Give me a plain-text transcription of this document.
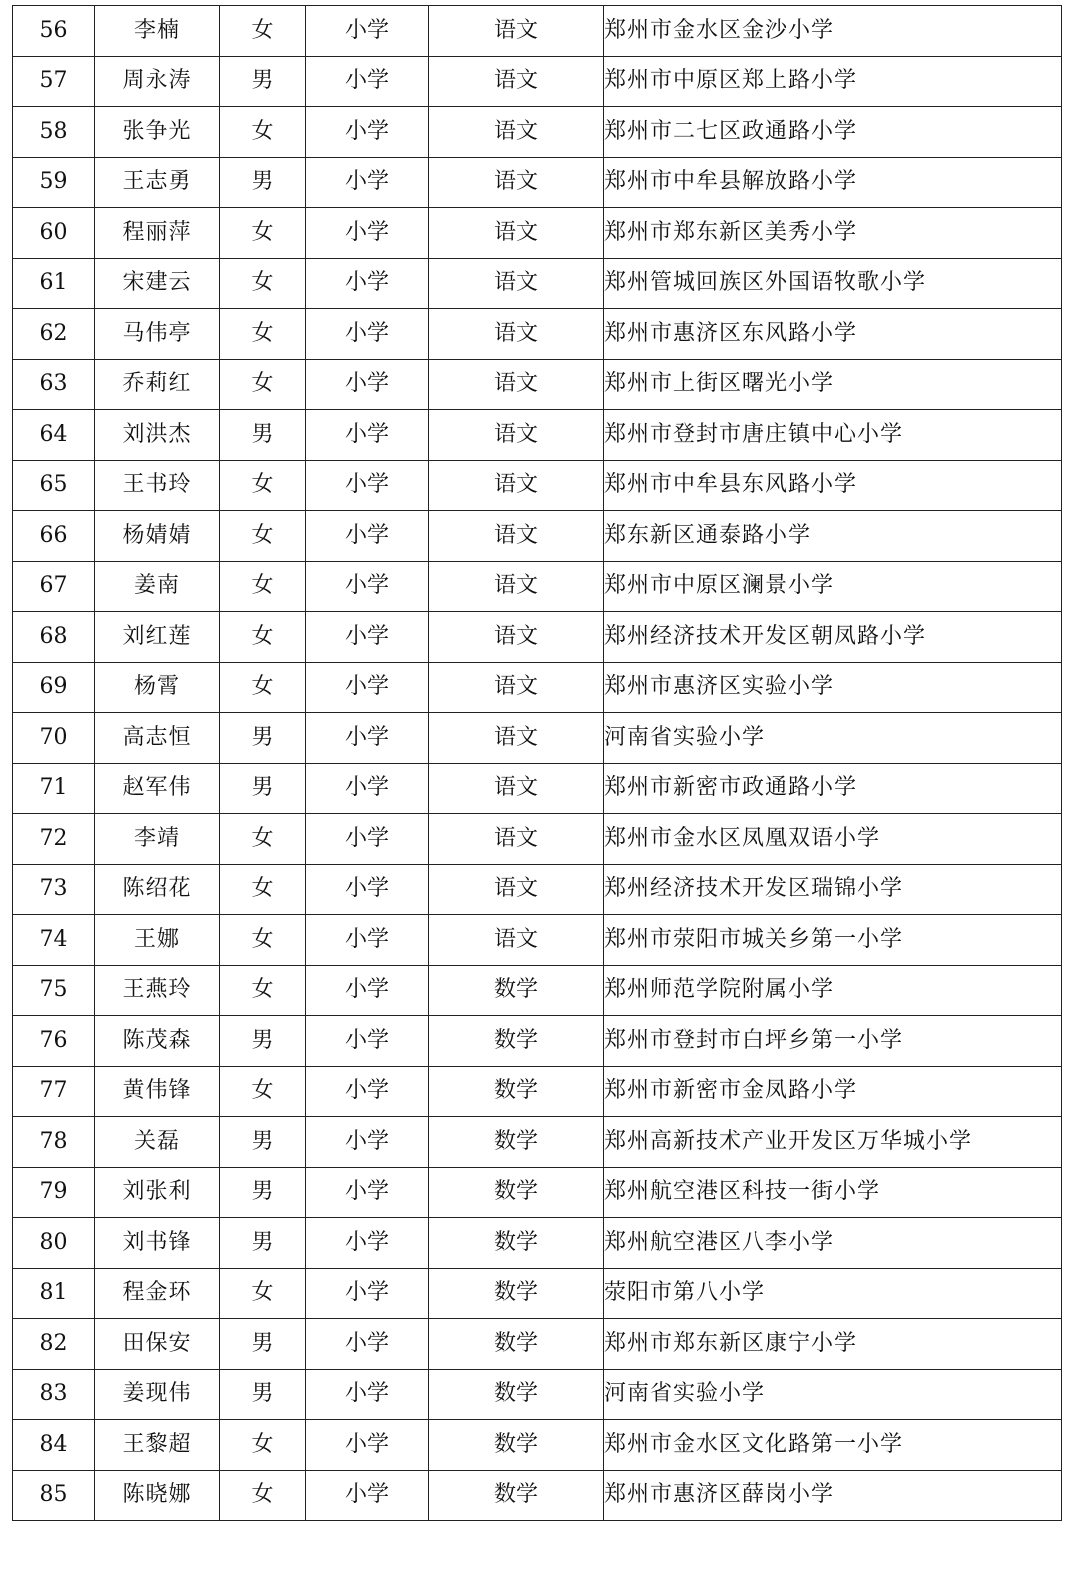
56	李楠	女	小学	语文	郑州市金水区金沙小学
57	周永涛	男	小学	语文	郑州市中原区郑上路小学
58	张争光	女	小学	语文	郑州市二七区政通路小学
59	王志勇	男	小学	语文	郑州市中牟县解放路小学
60	程丽萍	女	小学	语文	郑州市郑东新区美秀小学
61	宋建云	女	小学	语文	郑州管城回族区外国语牧歌小学
62	马伟亭	女	小学	语文	郑州市惠济区东风路小学
63	乔莉红	女	小学	语文	郑州市上街区曙光小学
64	刘洪杰	男	小学	语文	郑州市登封市唐庄镇中心小学
65	王书玲	女	小学	语文	郑州市中牟县东风路小学
66	杨婧婧	女	小学	语文	郑东新区通泰路小学
67	姜南	女	小学	语文	郑州市中原区澜景小学
68	刘红莲	女	小学	语文	郑州经济技术开发区朝凤路小学
69	杨霄	女	小学	语文	郑州市惠济区实验小学
70	高志恒	男	小学	语文	河南省实验小学
71	赵军伟	男	小学	语文	郑州市新密市政通路小学
72	李靖	女	小学	语文	郑州市金水区凤凰双语小学
73	陈绍花	女	小学	语文	郑州经济技术开发区瑞锦小学
74	王娜	女	小学	语文	郑州市荥阳市城关乡第一小学
75	王燕玲	女	小学	数学	郑州师范学院附属小学
76	陈茂森	男	小学	数学	郑州市登封市白坪乡第一小学
77	黄伟锋	女	小学	数学	郑州市新密市金凤路小学
78	关磊	男	小学	数学	郑州高新技术产业开发区万华城小学
79	刘张利	男	小学	数学	郑州航空港区科技一街小学
80	刘书锋	男	小学	数学	郑州航空港区八李小学
81	程金环	女	小学	数学	荥阳市第八小学
82	田保安	男	小学	数学	郑州市郑东新区康宁小学
83	姜现伟	男	小学	数学	河南省实验小学
84	王黎超	女	小学	数学	郑州市金水区文化路第一小学
85	陈晓娜	女	小学	数学	郑州市惠济区薛岗小学
